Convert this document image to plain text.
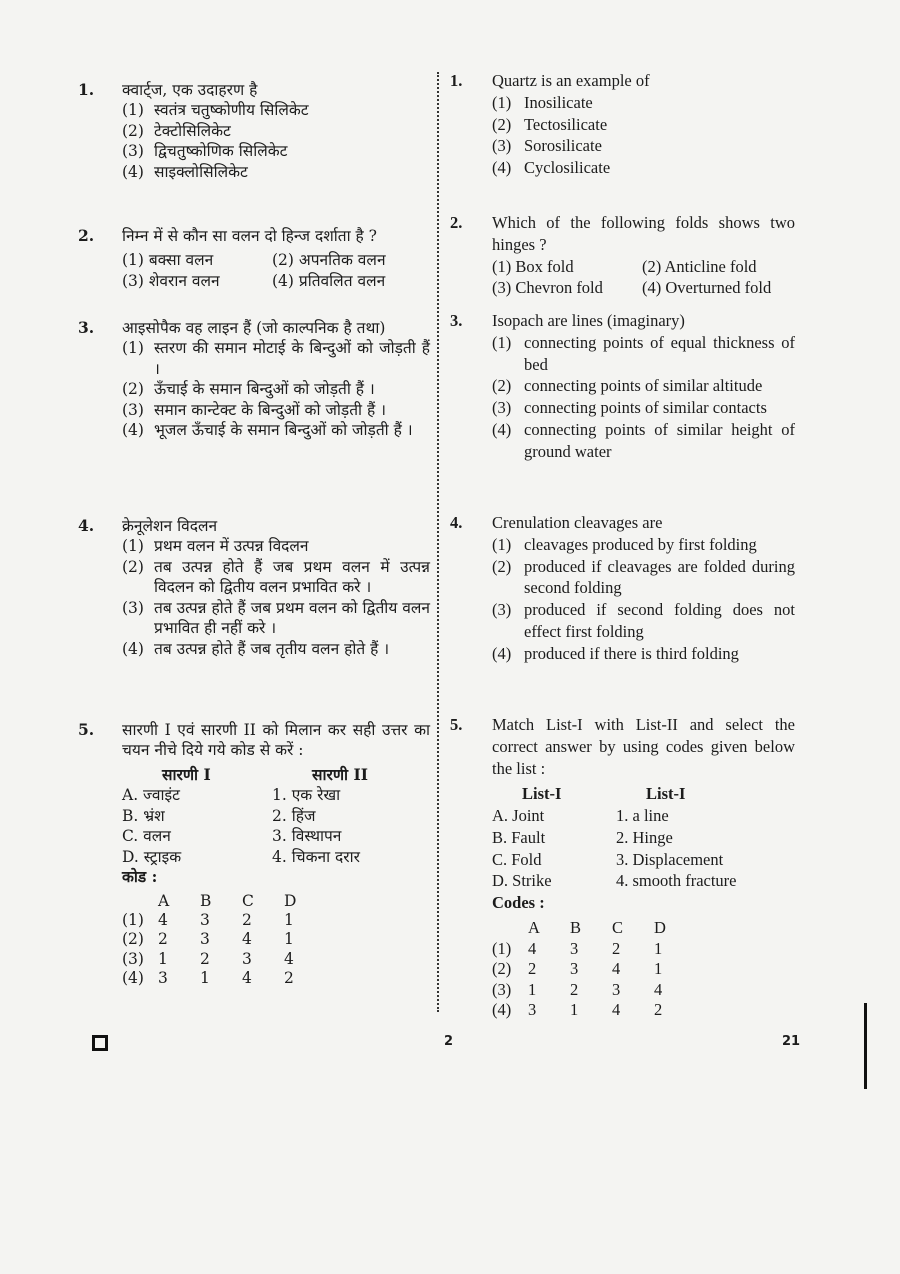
1. क्वार्ट्ज, एक उदाहरण है
(1) स्वतंत्र चतुष्कोणीय सिलिकेट
(2) टेक्टोसिलिकेट
(3) द्विचतुष्कोणिक सिलिकेट
(4) साइक्लोसिलिकेट
2. निम्न में से कौन सा वलन दो हिन्ज दर्शाता है ?
(1) बक्सा वलन	(2) अपनतिक वलन
(3) शेवरान वलन	(4) प्रतिवलित वलन
3. आइसोपैक वह लाइन हैं (जो काल्पनिक है तथा)
(1) स्तरण की समान मोटाई के बिन्दुओं को जोड़ती हैं ।
(2) ऊँचाई के समान बिन्दुओं को जोड़ती हैं ।
(3) समान कान्टेक्ट के बिन्दुओं को जोड़ती हैं ।
(4) भूजल ऊँचाई के समान बिन्दुओं को जोड़ती हैं ।
4. क्रेनूलेशन विदलन
(1) प्रथम वलन में उत्पन्न विदलन
(2) तब उत्पन्न होते हैं जब प्रथम वलन में उत्पन्न विदलन को द्वितीय वलन प्रभावित करे ।
(3) तब उत्पन्न होते हैं जब प्रथम वलन को द्वितीय वलन प्रभावित ही नहीं करे ।
(4) तब उत्पन्न होते हैं जब तृतीय वलन होते हैं ।
5. सारणी I एवं सारणी II को मिलान कर सही उत्तर का चयन नीचे दिये गये कोड से करें :
सारणी I	सारणी II
A. ज्वाइंट	1. एक रेखा
B. भ्रंश	2. हिंज
C. वलन	3. विस्थापन
D. स्ट्राइक	4. चिकना दरार
कोड :
	A	B	C	D
(1)	4	3	2	1
(2)	2	3	4	1
(3)	1	2	3	4
(4)	3	1	4	2
1. Quartz is an example of
(1) Inosilicate
(2) Tectosilicate
(3) Sorosilicate
(4) Cyclosilicate
2. Which of the following folds shows two hinges ?
(1) Box fold	(2) Anticline fold
(3) Chevron fold	(4) Overturned fold
3. Isopach are lines (imaginary)
(1) connecting points of equal thickness of bed
(2) connecting points of similar altitude
(3) connecting points of similar contacts
(4) connecting points of similar height of ground water
4. Crenulation cleavages are
(1) cleavages produced by first folding
(2) produced if cleavages are folded during second folding
(3) produced if second folding does not effect first folding
(4) produced if there is third folding
5. Match List-I with List-II and select the correct answer by using codes given below the list :
List-I	List-I
A. Joint	1. a line
B. Fault	2. Hinge
C. Fold	3. Displacement
D. Strike	4. smooth fracture
Codes :
	A	B	C	D
(1)	4	3	2	1
(2)	2	3	4	1
(3)	1	2	3	4
(4)	3	1	4	2
2	21
